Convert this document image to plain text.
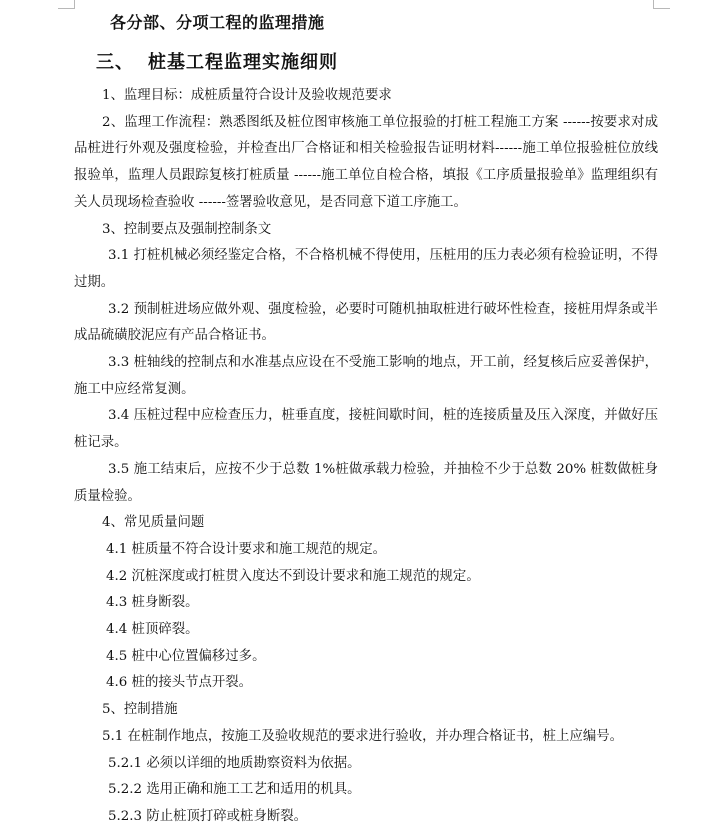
各分部、分项工程的监理措施
三、 桩基工程监理实施细则

1、监理目标：成桩质量符合设计及验收规范要求

2、监理工作流程：熟悉图纸及桩位图审核施工单位报验的打桩工程施工方案 ------按要求对成品桩进行外观及强度检验，并检查出厂合格证和相关检验报告证明材料------施工单位报验桩位放线报验单，监理人员跟踪复核打桩质量 ------施工单位自检合格，填报《工序质量报验单》监理组织有关人员现场检查验收 ------签署验收意见，是否同意下道工序施工。

3、控制要点及强制控制条文

3.1 打桩机械必须经鉴定合格，不合格机械不得使用，压桩用的压力表必须有检验证明，不得过期。

3.2 预制桩进场应做外观、强度检验，必要时可随机抽取桩进行破坏性检查，接桩用焊条或半成品硫磺胶泥应有产品合格证书。

3.3 桩轴线的控制点和水准基点应设在不受施工影响的地点，开工前，经复核后应妥善保护，施工中应经常复测。

3.4 压桩过程中应检查压力，桩垂直度，接桩间歇时间，桩的连接质量及压入深度，并做好压桩记录。

3.5 施工结束后，应按不少于总数 1%桩做承载力检验，并抽检不少于总数 20% 桩数做桩身质量检验。

4、常见质量问题

4.1 桩质量不符合设计要求和施工规范的规定。

4.2 沉桩深度或打桩贯入度达不到设计要求和施工规范的规定。

4.3 桩身断裂。

4.4 桩顶碎裂。

4.5 桩中心位置偏移过多。

4.6 桩的接头节点开裂。

5、控制措施

5.1 在桩制作地点，按施工及验收规范的要求进行验收，并办理合格证书，桩上应编号。

5.2.1 必须以详细的地质勘察资料为依据。

5.2.2 选用正确和施工工艺和适用的机具。

5.2.3 防止桩顶打碎或桩身断裂。
